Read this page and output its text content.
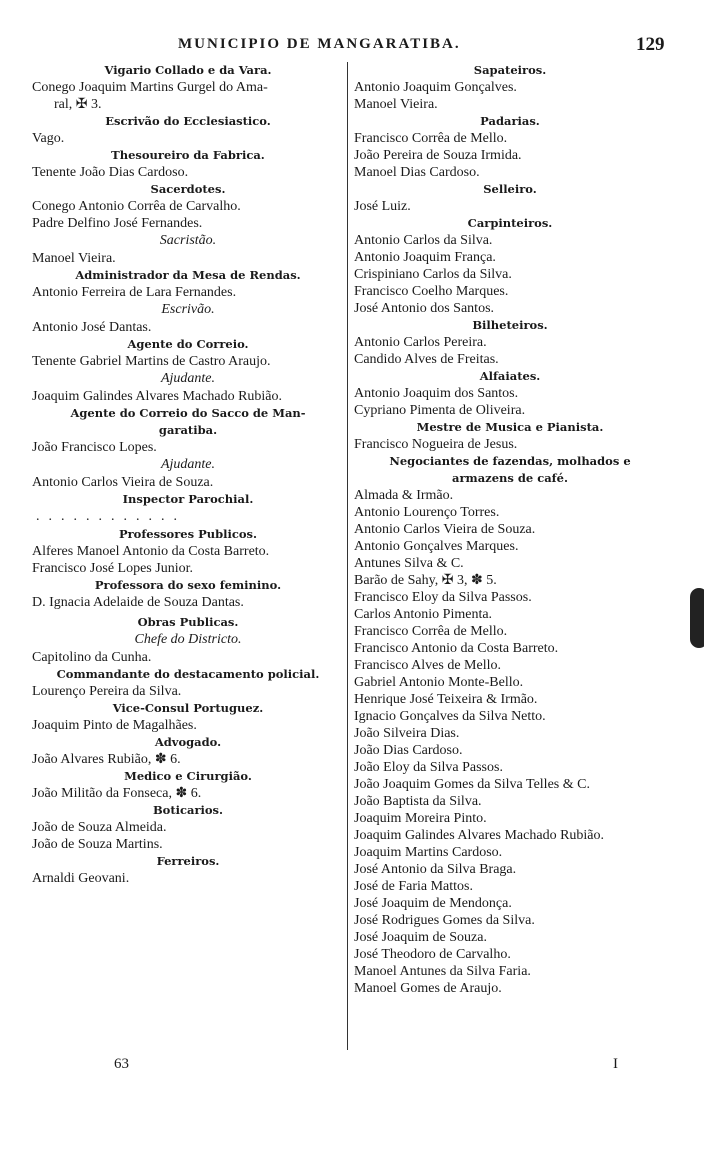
MUNICIPIO DE MANGARATIBA.	129
Vigario Collado e da Vara.
Conego Joaquim Martins Gurgel do Ama-
ral, ✠ 3.
Escrivão do Ecclesiastico.
Vago.
Thesoureiro da Fabrica.
Tenente João Dias Cardoso.
Sacerdotes.
Conego Antonio Corrêa de Carvalho.
Padre Delfino José Fernandes.
Sacristão.
Manoel Vieira.
Administrador da Mesa de Rendas.
Antonio Ferreira de Lara Fernandes.
Escrivão.
Antonio José Dantas.
Agente do Correio.
Tenente Gabriel Martins de Castro Araujo.
Ajudante.
Joaquim Galindes Alvares Machado Rubião.
Agente do Correio do Sacco de Man-
garatiba.
João Francisco Lopes.
Ajudante.
Antonio Carlos Vieira de Souza.
Inspector Parochial.
............
Professores Publicos.
Alferes Manoel Antonio da Costa Barreto.
Francisco José Lopes Junior.
Professora do sexo feminino.
D. Ignacia Adelaide de Souza Dantas.
Obras Publicas.
Chefe do Districto.
Capitolino da Cunha.
Commandante do destacamento policial.
Lourenço Pereira da Silva.
Vice-Consul Portuguez.
Joaquim Pinto de Magalhães.
Advogado.
João Alvares Rubião, ✽ 6.
Medico e Cirurgião.
João Militão da Fonseca, ✽ 6.
Boticarios.
João de Souza Almeida.
João de Souza Martins.
Ferreiros.
Arnaldi Geovani.
Sapateiros.
Antonio Joaquim Gonçalves.
Manoel Vieira.
Padarias.
Francisco Corrêa de Mello.
João Pereira de Souza Irmida.
Manoel Dias Cardoso.
Selleiro.
José Luiz.
Carpinteiros.
Antonio Carlos da Silva.
Antonio Joaquim França.
Crispiniano Carlos da Silva.
Francisco Coelho Marques.
José Antonio dos Santos.
Bilheteiros.
Antonio Carlos Pereira.
Candido Alves de Freitas.
Alfaiates.
Antonio Joaquim dos Santos.
Cypriano Pimenta de Oliveira.
Mestre de Musica e Pianista.
Francisco Nogueira de Jesus.
Negociantes de fazendas, molhados e
armazens de café.
Almada & Irmão.
Antonio Lourenço Torres.
Antonio Carlos Vieira de Souza.
Antonio Gonçalves Marques.
Antunes Silva & C.
Barão de Sahy, ✠ 3, ✽ 5.
Francisco Eloy da Silva Passos.
Carlos Antonio Pimenta.
Francisco Corrêa de Mello.
Francisco Antonio da Costa Barreto.
Francisco Alves de Mello.
Gabriel Antonio Monte-Bello.
Henrique José Teixeira & Irmão.
Ignacio Gonçalves da Silva Netto.
João Silveira Dias.
João Dias Cardoso.
João Eloy da Silva Passos.
João Joaquim Gomes da Silva Telles & C.
João Baptista da Silva.
Joaquim Moreira Pinto.
Joaquim Galindes Alvares Machado Rubião.
Joaquim Martins Cardoso.
José Antonio da Silva Braga.
José de Faria Mattos.
José Joaquim de Mendonça.
José Rodrigues Gomes da Silva.
José Joaquim de Souza.
José Theodoro de Carvalho.
Manoel Antunes da Silva Faria.
Manoel Gomes de Araujo.
63	I
